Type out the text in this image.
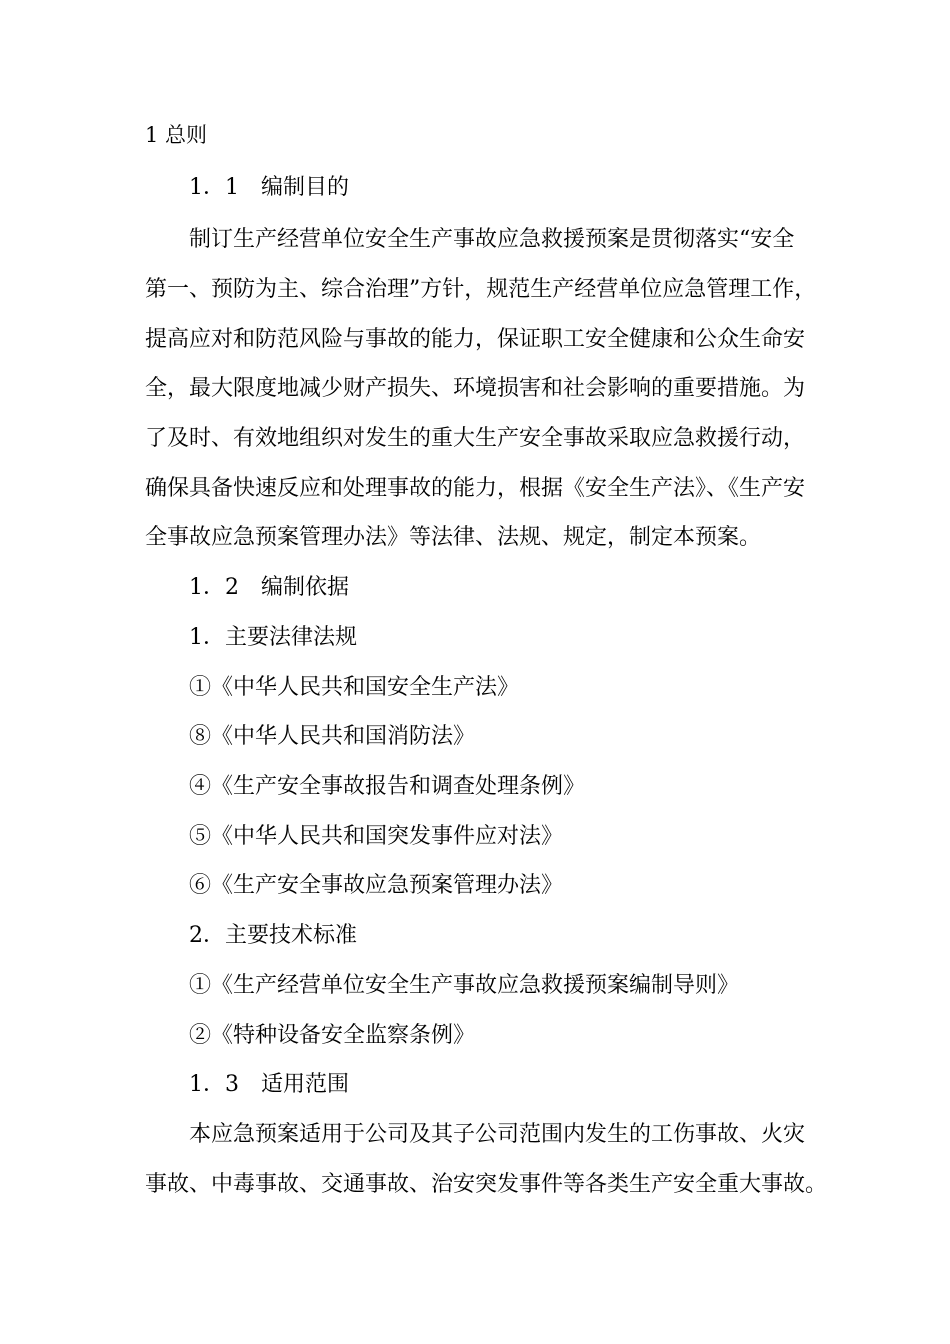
1 总则
1．1　编制目的
制订生产经营单位安全生产事故应急救援预案是贯彻落实“安全
第一、预防为主、综合治理”方针，规范生产经营单位应急管理工作，
提高应对和防范风险与事故的能力，保证职工安全健康和公众生命安
全，最大限度地减少财产损失、环境损害和社会影响的重要措施。为
了及时、有效地组织对发生的重大生产安全事故采取应急救援行动，
确保具备快速反应和处理事故的能力，根据《安全生产法》、《生产安
全事故应急预案管理办法》等法律、法规、规定，制定本预案。
1．2　编制依据
1．主要法律法规
①《中华人民共和国安全生产法》
⑧《中华人民共和国消防法》
④《生产安全事故报告和调查处理条例》
⑤《中华人民共和国突发事件应对法》
⑥《生产安全事故应急预案管理办法》
2．主要技术标准
①《生产经营单位安全生产事故应急救援预案编制导则》
②《特种设备安全监察条例》
1．3　适用范围
本应急预案适用于公司及其子公司范围内发生的工伤事故、火灾
事故、中毒事故、交通事故、治安突发事件等各类生产安全重大事故。
